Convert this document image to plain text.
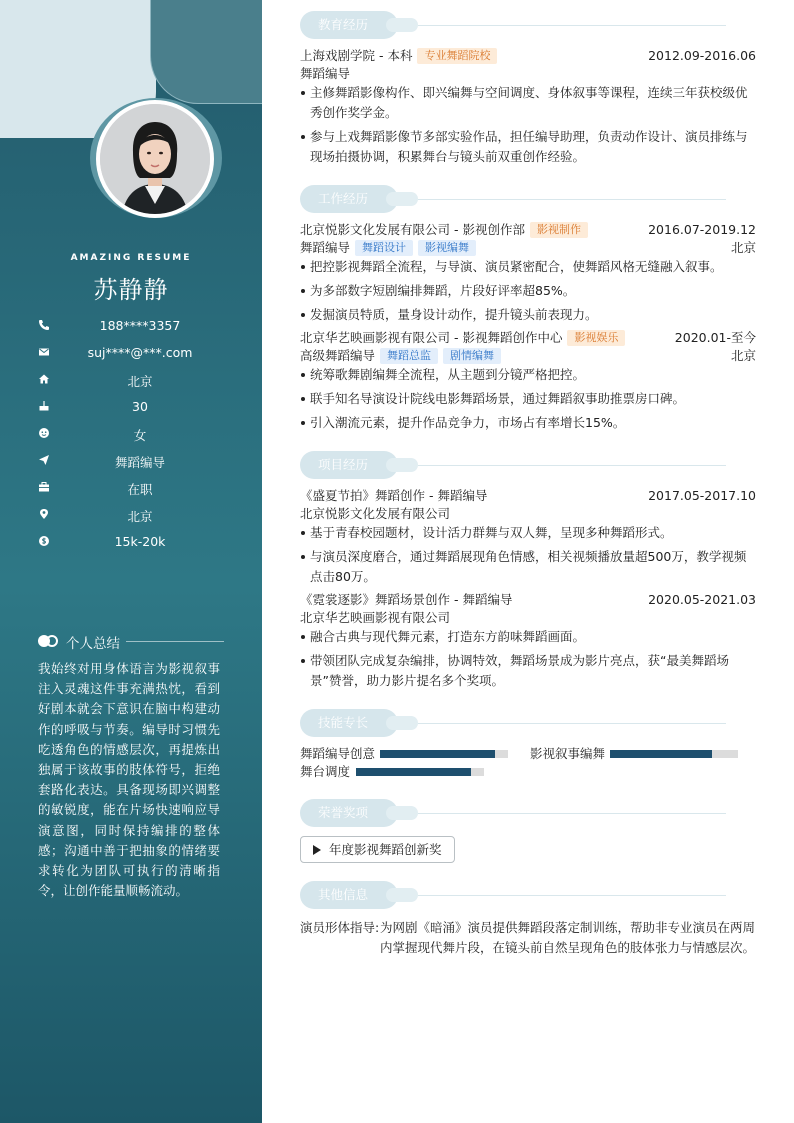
AMAZING RESUME
苏静静
188****3357
suj****@***.com
北京
30
女
舞蹈编导
在职
北京
15k-20k
个人总结

我始终对用身体语言为影视叙事注入灵魂这件事充满热忱，看到好剧本就会下意识在脑中构建动作的呼吸与节奏。编导时习惯先吃透角色的情感层次，再提炼出独属于该故事的肢体符号，拒绝套路化表达。具备现场即兴调整的敏锐度，能在片场快速响应导演意图，同时保持编排的整体感；沟通中善于把抽象的情绪要求转化为团队可执行的清晰指令，让创作能量顺畅流动。

教育经历
上海戏剧学院 - 本科 专业舞蹈院校	2012.09-2016.06
舞蹈编导
主修舞蹈影像构作、即兴编舞与空间调度、身体叙事等课程，连续三年获校级优秀创作奖学金。
参与上戏舞蹈影像节多部实验作品，担任编导助理，负责动作设计、演员排练与现场拍摄协调，积累舞台与镜头前双重创作经验。
工作经历
北京悦影文化发展有限公司 - 影视创作部 影视制作	2016.07-2019.12
舞蹈编导 舞蹈设计 影视编舞	北京
把控影视舞蹈全流程，与导演、演员紧密配合，使舞蹈风格无缝融入叙事。
为多部数字短剧编排舞蹈，片段好评率超85%。
发掘演员特质，量身设计动作，提升镜头前表现力。
北京华艺映画影视有限公司 - 影视舞蹈创作中心 影视娱乐	2020.01-至今
高级舞蹈编导 舞蹈总监 剧情编舞	北京
统筹歌舞剧编舞全流程，从主题到分镜严格把控。
联手知名导演设计院线电影舞蹈场景，通过舞蹈叙事助推票房口碑。
引入潮流元素，提升作品竞争力，市场占有率增长15%。
项目经历
《盛夏节拍》舞蹈创作 - 舞蹈编导	2017.05-2017.10
北京悦影文化发展有限公司
基于青春校园题材，设计活力群舞与双人舞，呈现多种舞蹈形式。
与演员深度磨合，通过舞蹈展现角色情感，相关视频播放量超500万，教学视频点击80万。
《霓裳逐影》舞蹈场景创作 - 舞蹈编导	2020.05-2021.03
北京华艺映画影视有限公司
融合古典与现代舞元素，打造东方韵味舞蹈画面。
带领团队完成复杂编排，协调特效，舞蹈场景成为影片亮点，获“最美舞蹈场景”赞誉，助力影片提名多个奖项。
技能专长
舞蹈编导创意	影视叙事编舞
舞台调度
荣誉奖项
年度影视舞蹈创新奖
其他信息
演员形体指导: 为网剧《暗涌》演员提供舞蹈段落定制训练，帮助非专业演员在两周内掌握现代舞片段，在镜头前自然呈现角色的肢体张力与情感层次。
